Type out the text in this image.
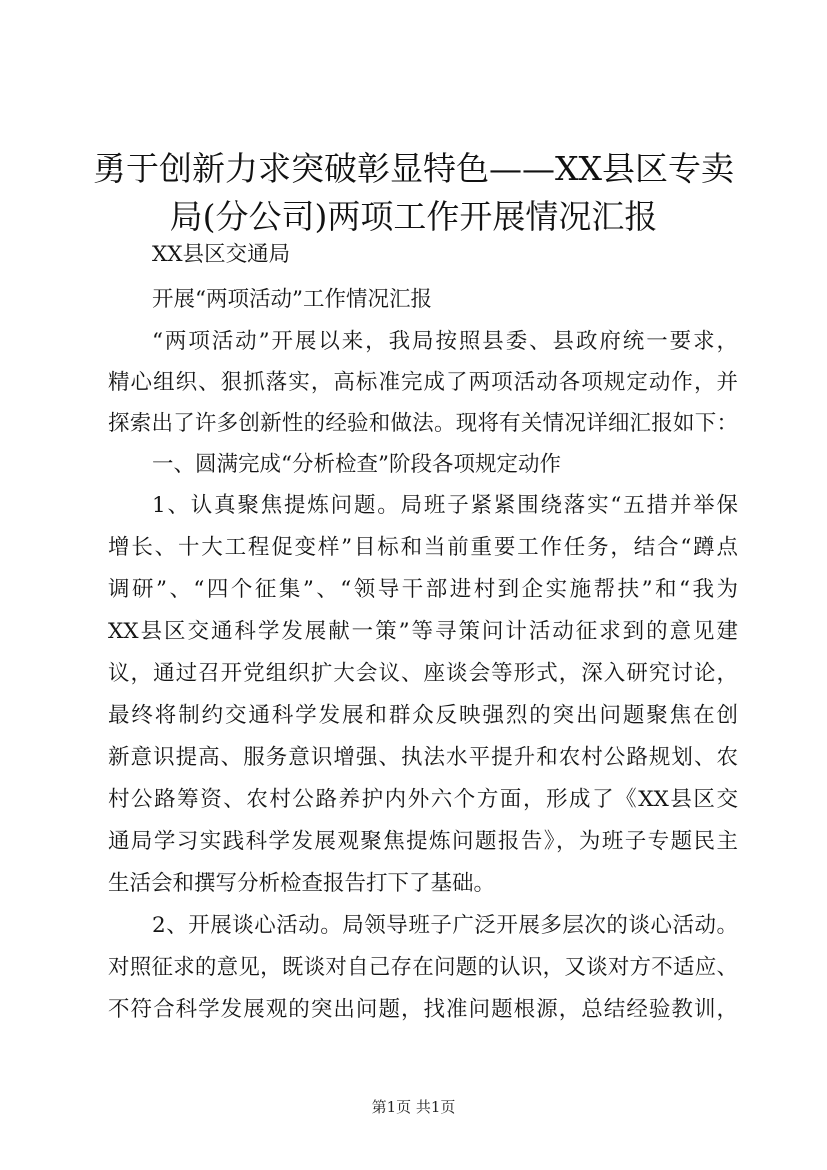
勇于创新力求突破彰显特色——XX县区专卖
局(分公司)两项工作开展情况汇报
XX县区交通局
开展“两项活动”工作情况汇报
“两项活动”开展以来，我局按照县委、县政府统一要求，
精心组织、狠抓落实，高标准完成了两项活动各项规定动作，并
探索出了许多创新性的经验和做法。现将有关情况详细汇报如下：
一、圆满完成“分析检查”阶段各项规定动作
1、认真聚焦提炼问题。局班子紧紧围绕落实“五措并举保
增长、十大工程促变样”目标和当前重要工作任务，结合“蹲点
调研”、“四个征集”、“领导干部进村到企实施帮扶”和“我为
XX县区交通科学发展献一策”等寻策问计活动征求到的意见建
议，通过召开党组织扩大会议、座谈会等形式，深入研究讨论，
最终将制约交通科学发展和群众反映强烈的突出问题聚焦在创
新意识提高、服务意识增强、执法水平提升和农村公路规划、农
村公路筹资、农村公路养护内外六个方面，形成了《XX县区交
通局学习实践科学发展观聚焦提炼问题报告》，为班子专题民主
生活会和撰写分析检查报告打下了基础。
2、开展谈心活动。局领导班子广泛开展多层次的谈心活动。
对照征求的意见，既谈对自己存在问题的认识，又谈对方不适应、
不符合科学发展观的突出问题，找准问题根源，总结经验教训，
第1页 共1页
